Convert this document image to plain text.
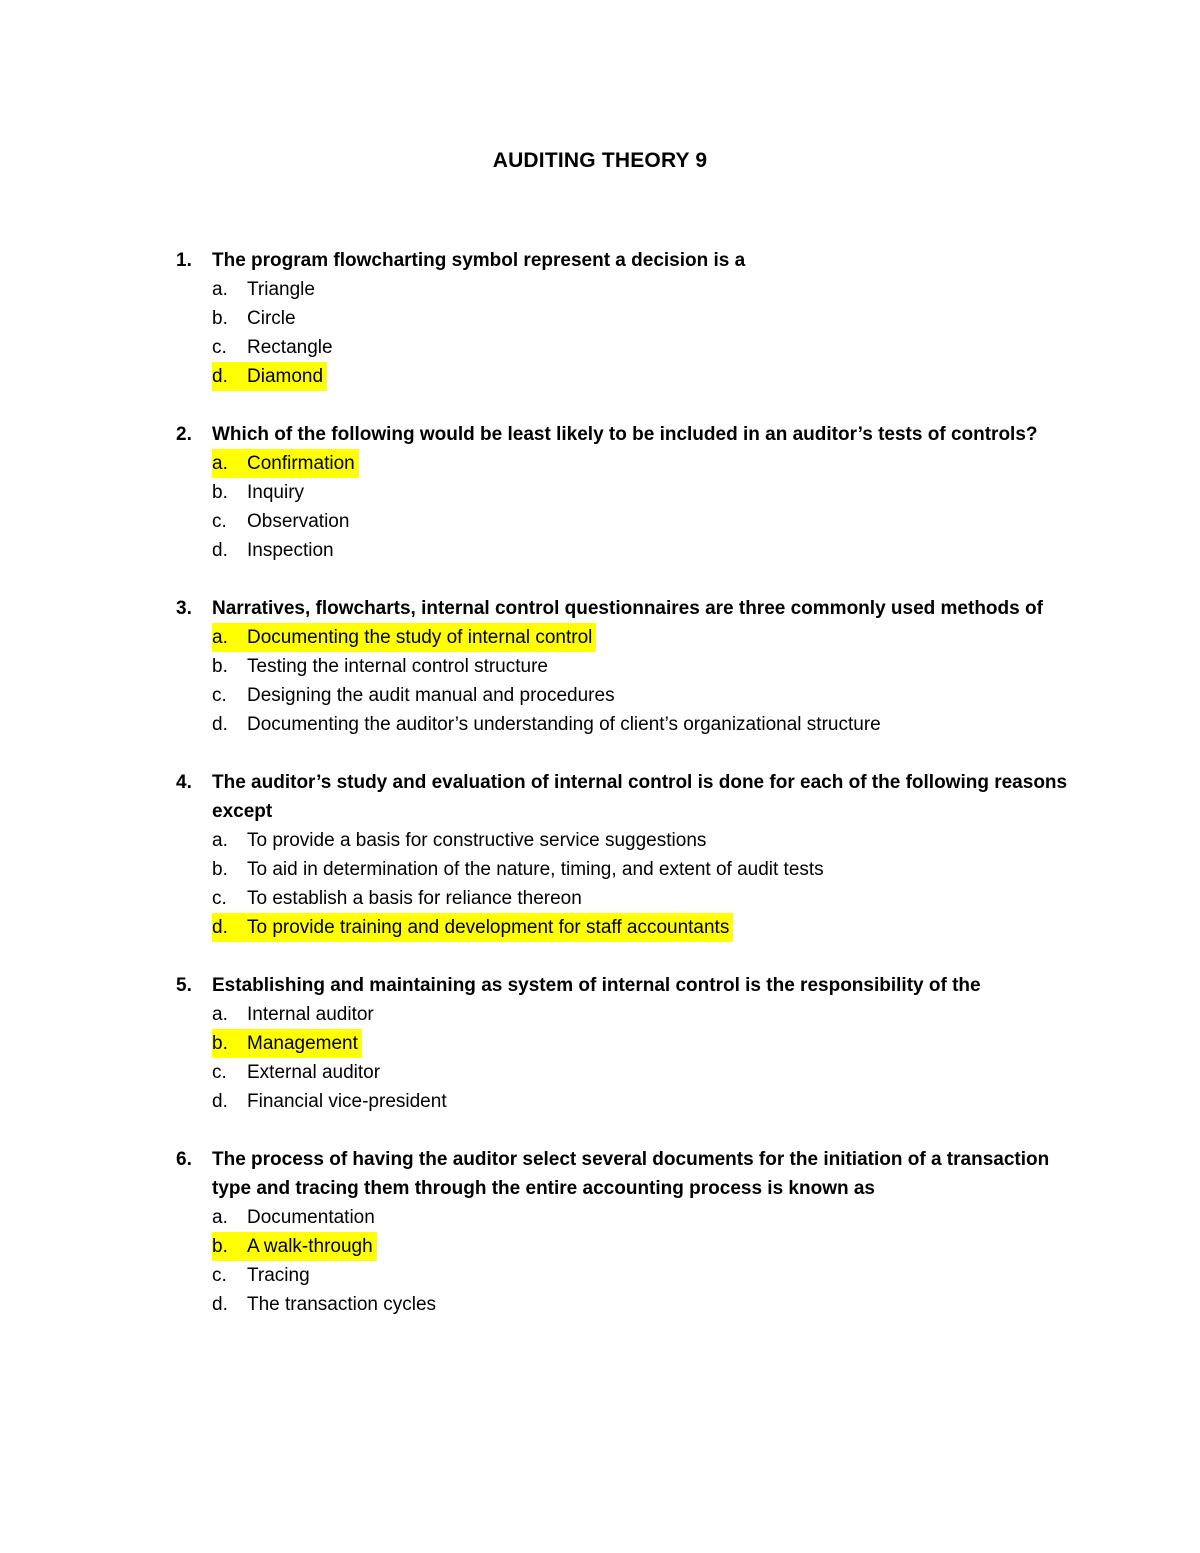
AUDITING THEORY 9
1. The program flowcharting symbol represent a decision is a
a. Triangle
b. Circle
c. Rectangle
d. Diamond
2. Which of the following would be least likely to be included in an auditor’s tests of controls?
a. Confirmation
b. Inquiry
c. Observation
d. Inspection
3. Narratives, flowcharts, internal control questionnaires are three commonly used methods of
a. Documenting the study of internal control
b. Testing the internal control structure
c. Designing the audit manual and procedures
d. Documenting the auditor’s understanding of client’s organizational structure
4. The auditor’s study and evaluation of internal control is done for each of the following reasons except
a. To provide a basis for constructive service suggestions
b. To aid in determination of the nature, timing, and extent of audit tests
c. To establish a basis for reliance thereon
d. To provide training and development for staff accountants
5. Establishing and maintaining as system of internal control is the responsibility of the
a. Internal auditor
b. Management
c. External auditor
d. Financial vice-president
6. The process of having the auditor select several documents for the initiation of a transaction type and tracing them through the entire accounting process is known as
a. Documentation
b. A walk-through
c. Tracing
d. The transaction cycles
